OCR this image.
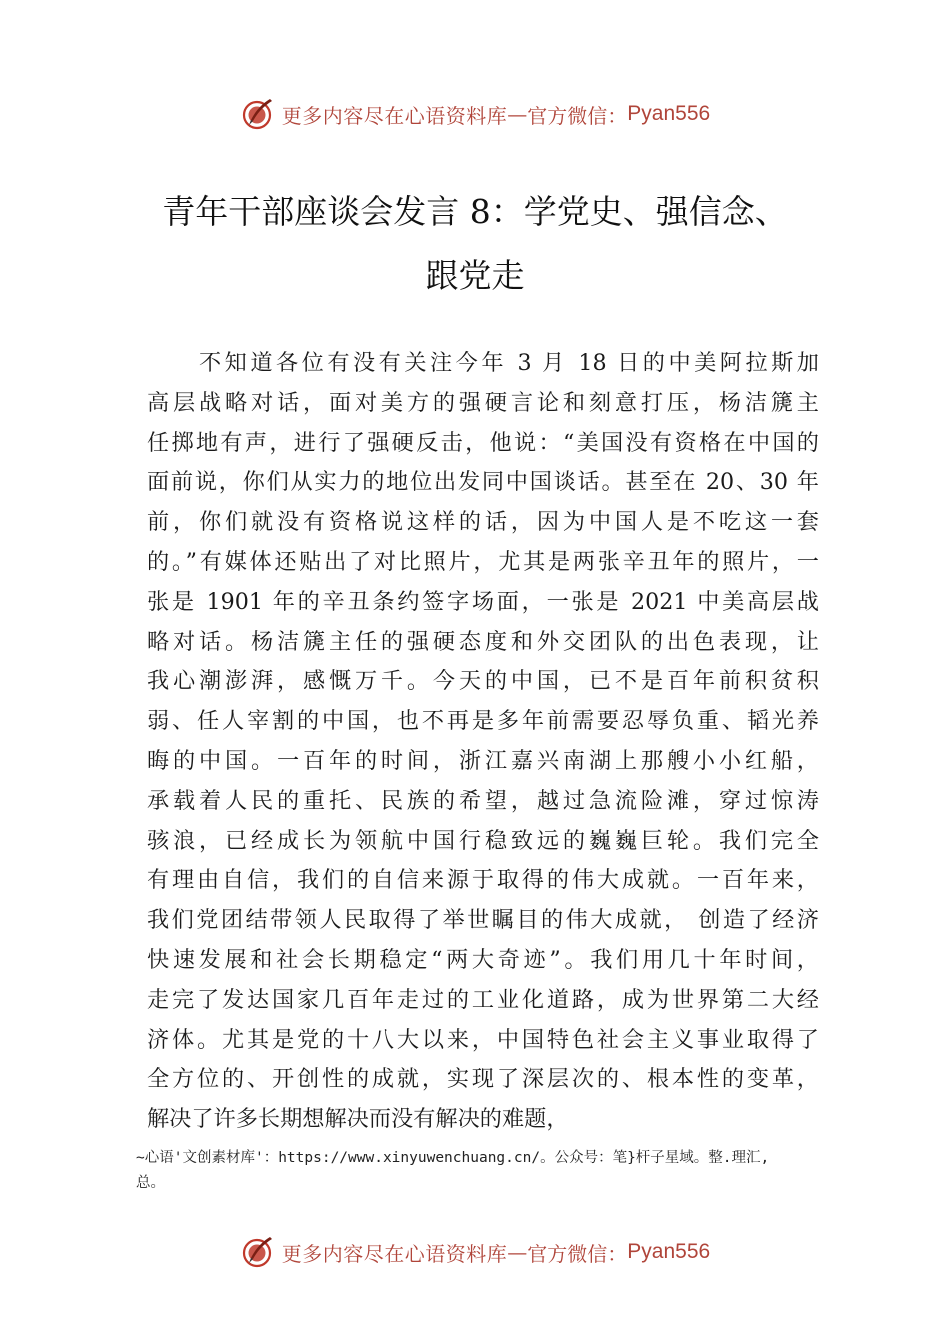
更多内容尽在心语资料库 — 官方微信： Pyan556
青年干部座谈会发言 8：学党史、强信念、
跟党走
不知道各位有没有关注今年 3 月 18 日的中美阿拉斯加
高层战略对话，面对美方的强硬言论和刻意打压，杨洁篪主
任掷地有声，进行了强硬反击，他说：“美国没有资格在中国的
面前说，你们从实力的地位出发同中国谈话。甚至在 20、30 年
前，你们就没有资格说这样的话，因为中国人是不吃这一套
的。”有媒体还贴出了对比照片，尤其是两张辛丑年的照片，一
张是 1901 年的辛丑条约签字场面，一张是 2021 中美高层战
略对话。杨洁篪主任的强硬态度和外交团队的出色表现，让
我心潮澎湃，感慨万千。今天的中国，已不是百年前积贫积
弱、任人宰割的中国，也不再是多年前需要忍辱负重、韬光养
晦的中国。一百年的时间，浙江嘉兴南湖上那艘小小红船，
承载着人民的重托、民族的希望，越过急流险滩，穿过惊涛
骇浪，已经成长为领航中国行稳致远的巍巍巨轮。我们完全
有理由自信，我们的自信来源于取得的伟大成就。一百年来，
我们党团结带领人民取得了举世瞩目的伟大成就， 创造了经济
快速发展和社会长期稳定“两大奇迹”。我们用几十年时间，
走完了发达国家几百年走过的工业化道路，成为世界第二大经
济体。尤其是党的十八大以来，中国特色社会主义事业取得了
全方位的、开创性的成就，实现了深层次的、根本性的变革，
解决了许多长期想解决而没有解决的难题，
~心语'文创素材库'：https://www.xinyuwenchuang.cn/。公众号：笔}杆子星域。整.理汇,
总。
更多内容尽在心语资料库 — 官方微信： Pyan556
